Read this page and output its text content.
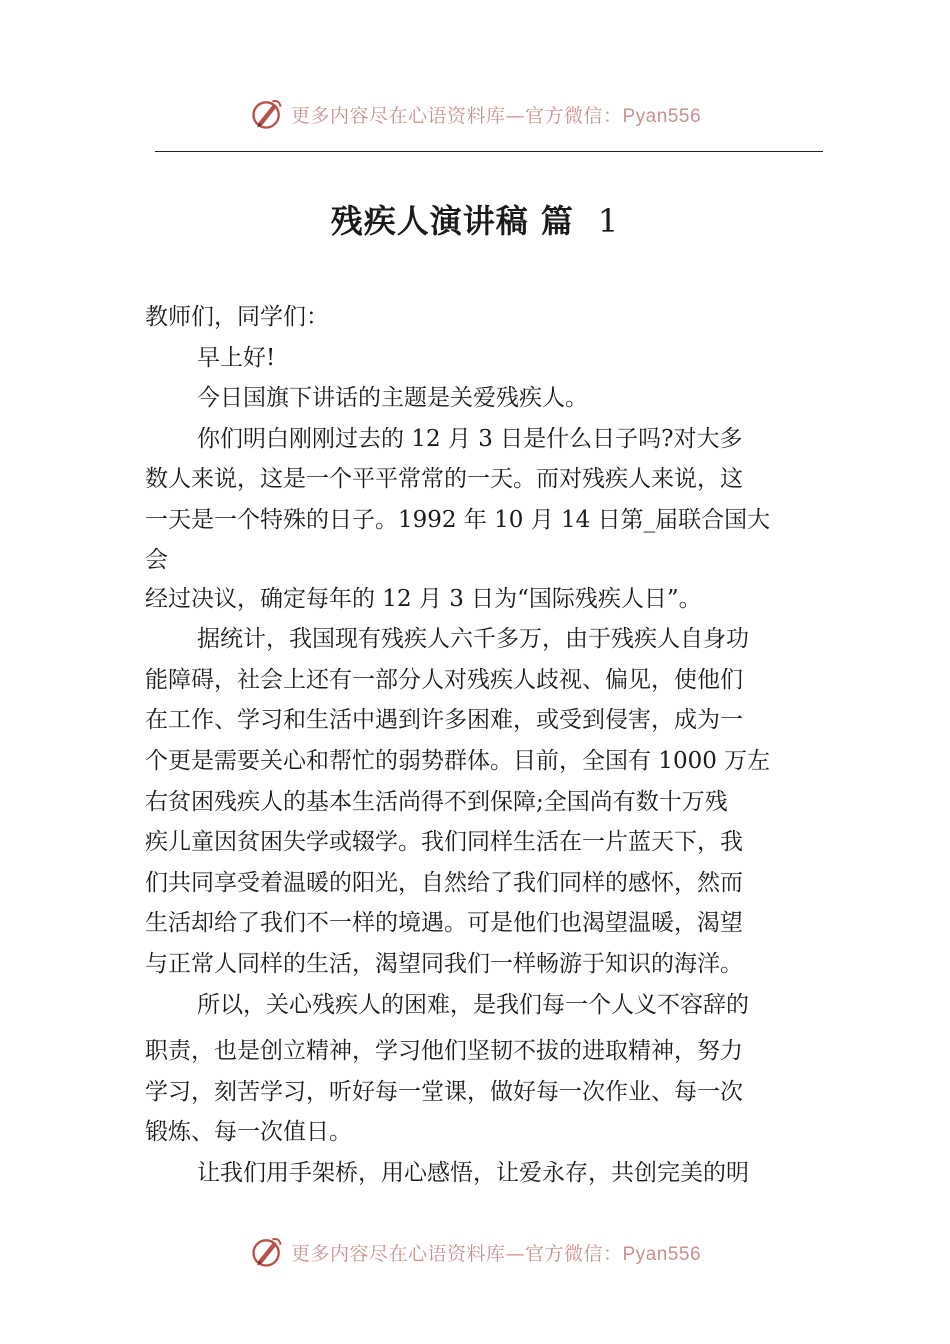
更多内容尽在心语资料库—官方微信：Pyan556
残疾人演讲稿 篇 1
教师们，同学们：
早上好!
今日国旗下讲话的主题是关爱残疾人。
你们明白刚刚过去的 12 月 3 日是什么日子吗?对大多
数人来说，这是一个平平常常的一天。而对残疾人来说，这
一天是一个特殊的日子。1992 年 10 月 14 日第_届联合国大
会
经过决议，确定每年的 12 月 3 日为“国际残疾人日”。
据统计，我国现有残疾人六千多万，由于残疾人自身功
能障碍，社会上还有一部分人对残疾人歧视、偏见，使他们
在工作、学习和生活中遇到许多困难，或受到侵害，成为一
个更是需要关心和帮忙的弱势群体。目前，全国有 1000 万左
右贫困残疾人的基本生活尚得不到保障;全国尚有数十万残
疾儿童因贫困失学或辍学。我们同样生活在一片蓝天下，我
们共同享受着温暖的阳光，自然给了我们同样的感怀，然而
生活却给了我们不一样的境遇。可是他们也渴望温暖，渴望
与正常人同样的生活，渴望同我们一样畅游于知识的海洋。
所以，关心残疾人的困难，是我们每一个人义不容辞的
职责，也是创立精神，学习他们坚韧不拔的进取精神，努力
学习，刻苦学习，听好每一堂课，做好每一次作业、每一次
锻炼、每一次值日。
让我们用手架桥，用心感悟，让爱永存，共创完美的明
更多内容尽在心语资料库—官方微信：Pyan556
